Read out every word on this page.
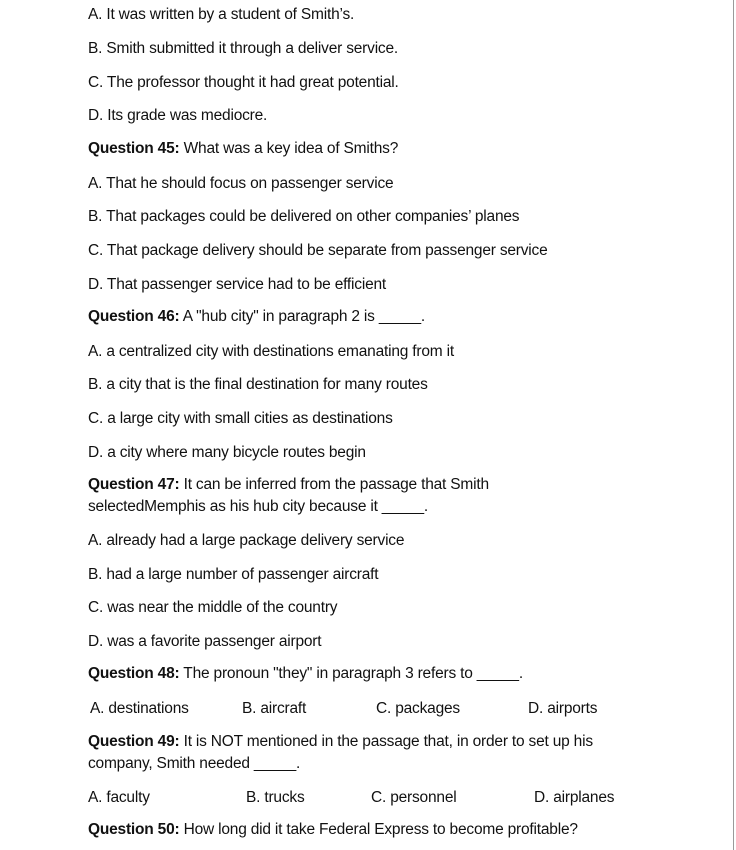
A. It was written by a student of Smith’s.
B. Smith submitted it through a deliver service.
C. The professor thought it had great potential.
D. Its grade was mediocre.
Question 45: What was a key idea of Smiths?
A. That he should focus on passenger service
B. That packages could be delivered on other companies’ planes
C. That package delivery should be separate from passenger service
D. That passenger service had to be efficient
Question 46: A "hub city" in paragraph 2 is _____.
A. a centralized city with destinations emanating from it
B. a city that is the final destination for many routes
C. a large city with small cities as destinations
D. a city where many bicycle routes begin
Question 47: It can be inferred from the passage that Smith
selectedMemphis as his hub city because it _____.
A. already had a large package delivery service
B. had a large number of passenger aircraft
C. was near the middle of the country
D. was a favorite passenger airport
Question 48: The pronoun "they" in paragraph 3 refers to _____.
A. destinations	B. aircraft	C. packages	D. airports
Question 49: It is NOT mentioned in the passage that, in order to set up his
company, Smith needed _____.
A. faculty	B. trucks	C. personnel	D. airplanes
Question 50: How long did it take Federal Express to become profitable?
